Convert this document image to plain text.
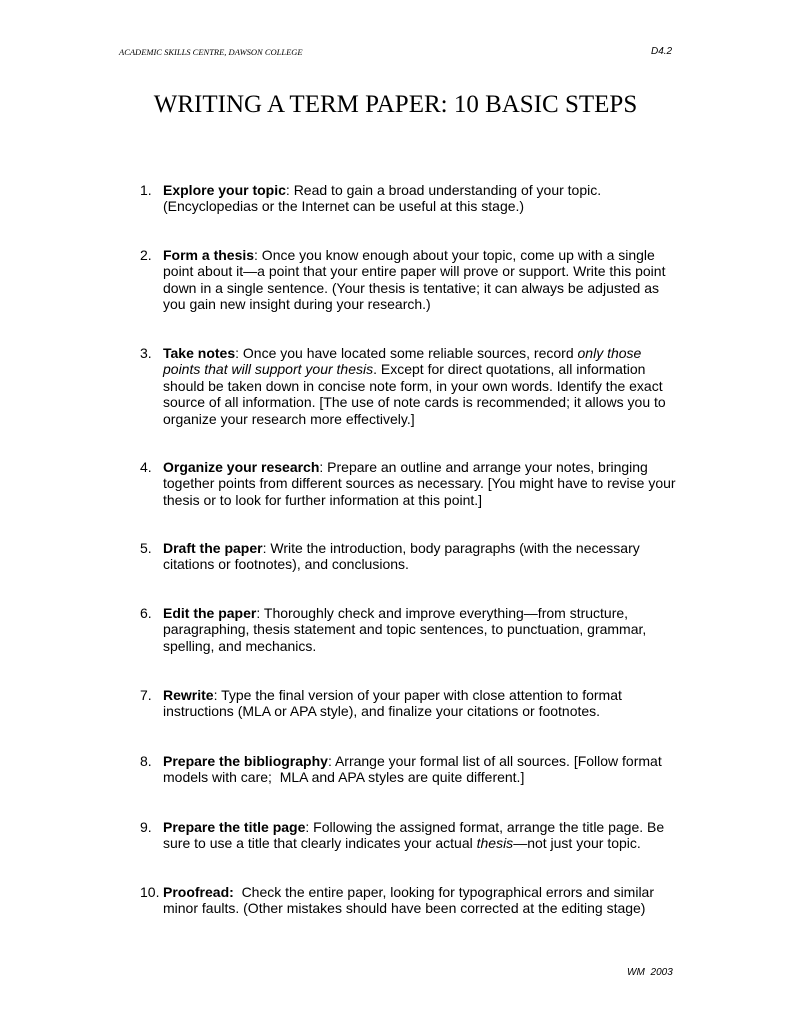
ACADEMIC SKILLS CENTRE, DAWSON COLLEGE	D4.2
WRITING A TERM PAPER: 10 BASIC STEPS
1. Explore your topic: Read to gain a broad understanding of your topic. (Encyclopedias or the Internet can be useful at this stage.)
2. Form a thesis: Once you know enough about your topic, come up with a single point about it—a point that your entire paper will prove or support. Write this point down in a single sentence. (Your thesis is tentative; it can always be adjusted as you gain new insight during your research.)
3. Take notes: Once you have located some reliable sources, record only those points that will support your thesis. Except for direct quotations, all information should be taken down in concise note form, in your own words. Identify the exact source of all information. [The use of note cards is recommended; it allows you to organize your research more effectively.]
4. Organize your research: Prepare an outline and arrange your notes, bringing together points from different sources as necessary. [You might have to revise your thesis or to look for further information at this point.]
5. Draft the paper: Write the introduction, body paragraphs (with the necessary citations or footnotes), and conclusions.
6. Edit the paper: Thoroughly check and improve everything—from structure, paragraphing, thesis statement and topic sentences, to punctuation, grammar, spelling, and mechanics.
7. Rewrite: Type the final version of your paper with close attention to format instructions (MLA or APA style), and finalize your citations or footnotes.
8. Prepare the bibliography: Arrange your formal list of all sources. [Follow format models with care;  MLA and APA styles are quite different.]
9. Prepare the title page: Following the assigned format, arrange the title page. Be sure to use a title that clearly indicates your actual thesis—not just your topic.
10. Proofread:  Check the entire paper, looking for typographical errors and similar minor faults. (Other mistakes should have been corrected at the editing stage)
WM 2003
